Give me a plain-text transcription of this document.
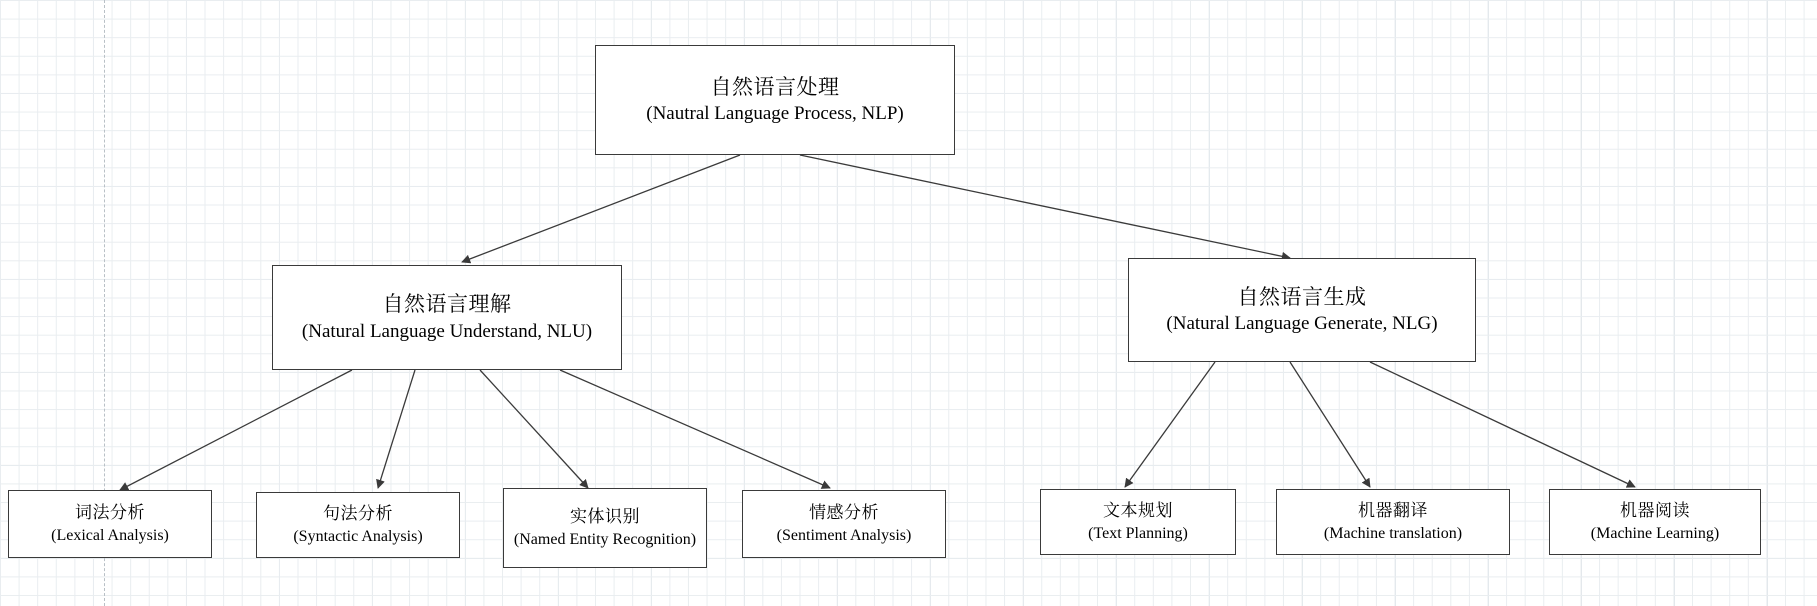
自然语言处理
(Nautral Language Process, NLP)
自然语言理解
(Natural Language Understand, NLU)
自然语言生成
(Natural Language Generate, NLG)
词法分析
(Lexical Analysis)
句法分析
(Syntactic Analysis)
实体识别
(Named Entity Recognition)
情感分析
(Sentiment Analysis)
文本规划
(Text Planning)
机器翻译
(Machine translation)
机器阅读
(Machine Learning)
